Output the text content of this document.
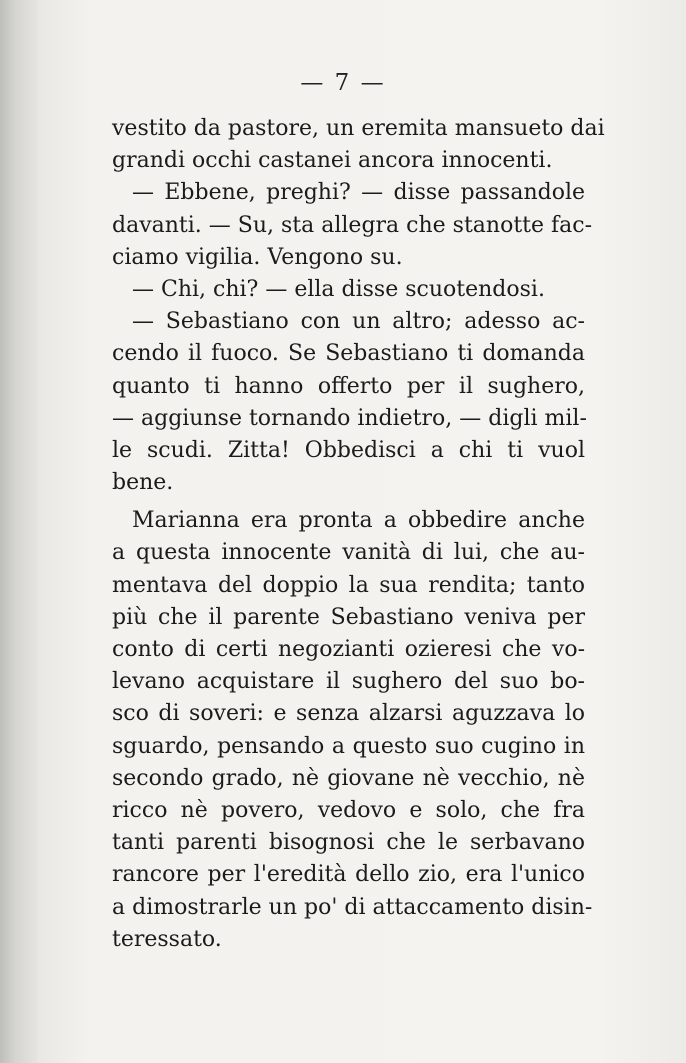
— 7 —
vestito da pastore, un eremita mansueto dai
grandi occhi castanei ancora innocenti.
— Ebbene, preghi? — disse passandole
davanti. — Su, sta allegra che stanotte fac-
ciamo vigilia. Vengono su.
— Chi, chi? — ella disse scuotendosi.
— Sebastiano con un altro; adesso ac-
cendo il fuoco. Se Sebastiano ti domanda
quanto ti hanno offerto per il sughero,
— aggiunse tornando indietro, — digli mil-
le scudi. Zitta! Obbedisci a chi ti vuol
bene.
Marianna era pronta a obbedire anche
a questa innocente vanità di lui, che au-
mentava del doppio la sua rendita; tanto
più che il parente Sebastiano veniva per
conto di certi negozianti ozieresi che vo-
levano acquistare il sughero del suo bo-
sco di soveri: e senza alzarsi aguzzava lo
sguardo, pensando a questo suo cugino in
secondo grado, nè giovane nè vecchio, nè
ricco nè povero, vedovo e solo, che fra
tanti parenti bisognosi che le serbavano
rancore per l'eredità dello zio, era l'unico
a dimostrarle un po' di attaccamento disin-
teressato.
